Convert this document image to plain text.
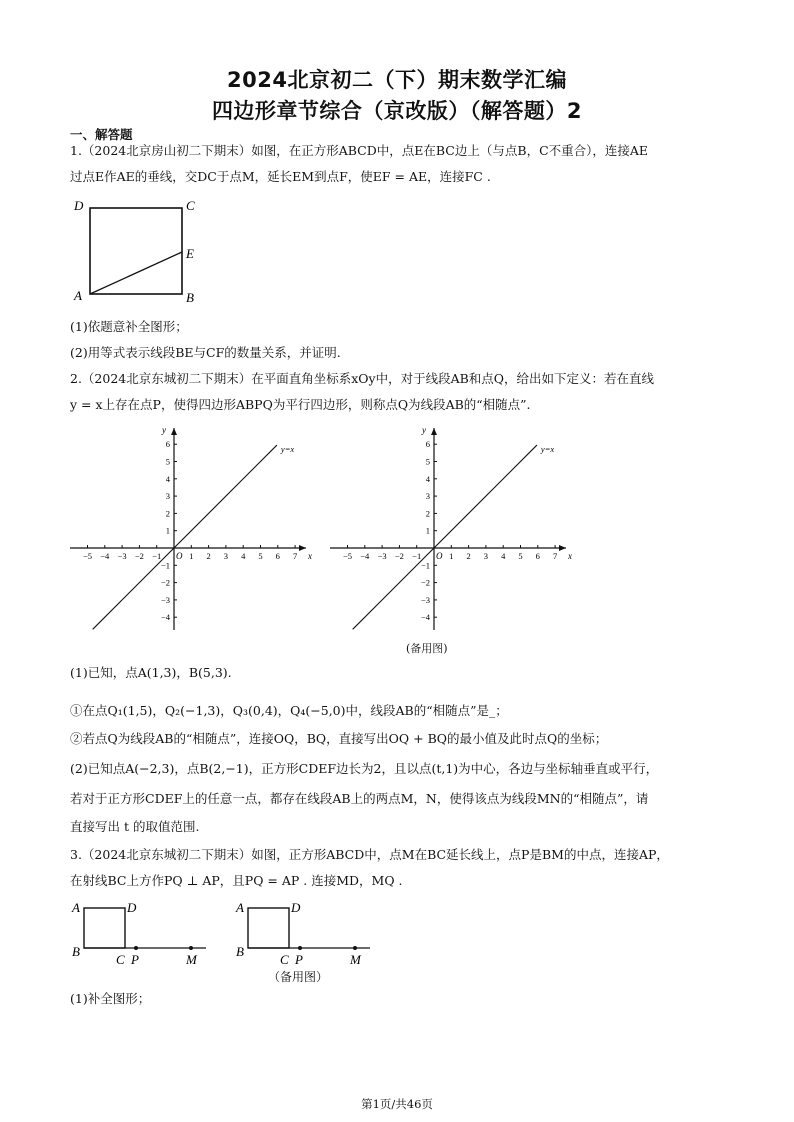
2024北京初二（下）期末数学汇编
四边形章节综合（京改版）（解答题）2
一、解答题
1.（2024北京房山初二下期末）如图，在正方形ABCD中，点E在BC边上（与点B，C不重合），连接AE
过点E作AE的垂线，交DC于点M，延长EM到点F，使EF = AE，连接FC .
D	C
E
A	B
(1)依题意补全图形；
(2)用等式表示线段BE与CF的数量关系，并证明.
2.（2024北京东城初二下期末）在平面直角坐标系xOy中，对于线段AB和点Q，给出如下定义：若在直线
y = x上存在点P，使得四边形ABPQ为平行四边形，则称点Q为线段AB的“相随点”.
−5 −4 −3 −2 −1	1 2 3 4 5 6 7
6
5
4
3
2
1
−1
−2
−3
−4
O	x
y
y=x
−5 −4 −3 −2 −1	1 2 3 4 5 6 7
6
5
4
3
2
1
−1
−2
−3
−4
O	x
y
y=x
(备用图)
(1)已知，点A(1,3)，B(5,3).
①在点Q₁(1,5)，Q₂(−1,3)，Q₃(0,4)，Q₄(−5,0)中，线段AB的“相随点”是_；
②若点Q为线段AB的“相随点”，连接OQ，BQ，直接写出OQ + BQ的最小值及此时点Q的坐标；
(2)已知点A(−2,3)，点B(2,−1)，正方形CDEF边长为2，且以点(t,1)为中心，各边与坐标轴垂直或平行，
若对于正方形CDEF上的任意一点，都存在线段AB上的两点M，N，使得该点为线段MN的“相随点”，请
直接写出 t 的取值范围.
3.（2024北京东城初二下期末）如图，正方形ABCD中，点M在BC延长线上，点P是BM的中点，连接AP，
在射线BC上方作PQ ⊥ AP，且PQ = AP . 连接MD，MQ .
A	D
B
C P	M
A	D
B
C P	M
（备用图）
(1)补全图形；
第1页/共46页
